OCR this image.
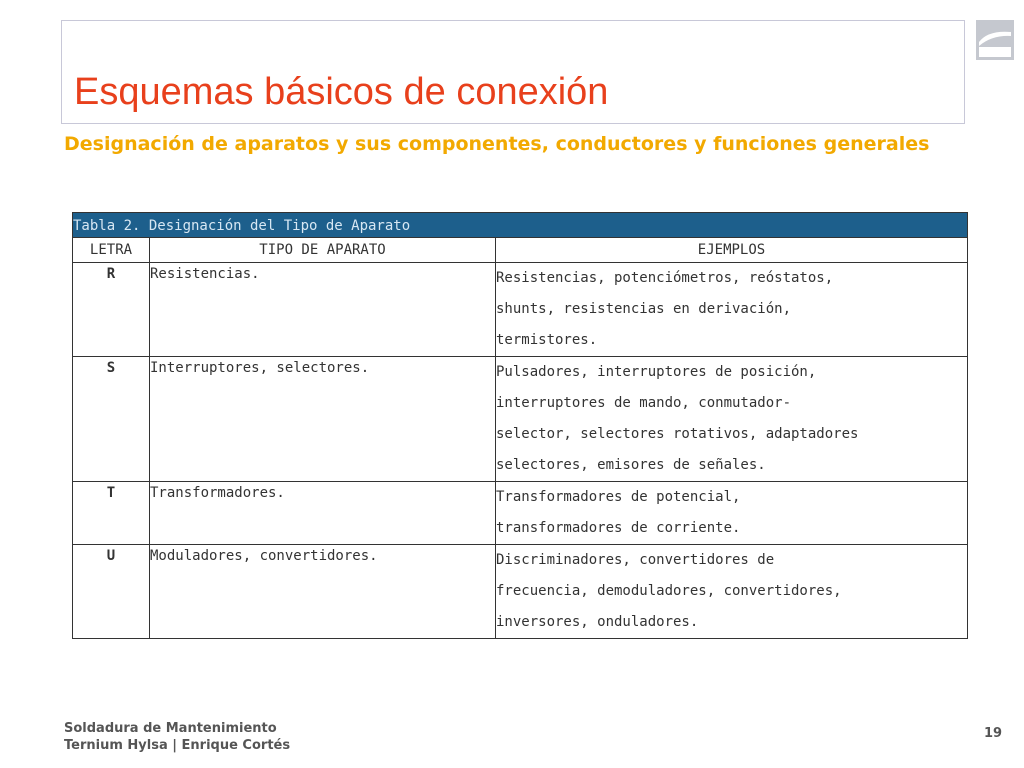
Esquemas básicos de conexión
Designación de aparatos y sus componentes, conductores y funciones generales
Tabla 2. Designación del Tipo de Aparato		
LETRA	TIPO DE APARATO	EJEMPLOS
R	Resistencias.	Resistencias, potenciómetros, reóstatos,
shunts, resistencias en derivación,
termistores.

S	Interruptores, selectores.	Pulsadores, interruptores de posición,
interruptores de mando, conmutador-
selector, selectores rotativos, adaptadores
selectores, emisores de señales.

T	Transformadores.	Transformadores de potencial,
transformadores de corriente.

U	Moduladores, convertidores.	Discriminadores, convertidores de
frecuencia, demoduladores, convertidores,
inversores, onduladores.
Soldadura de Mantenimiento
Ternium Hylsa | Enrique Cortés
19
